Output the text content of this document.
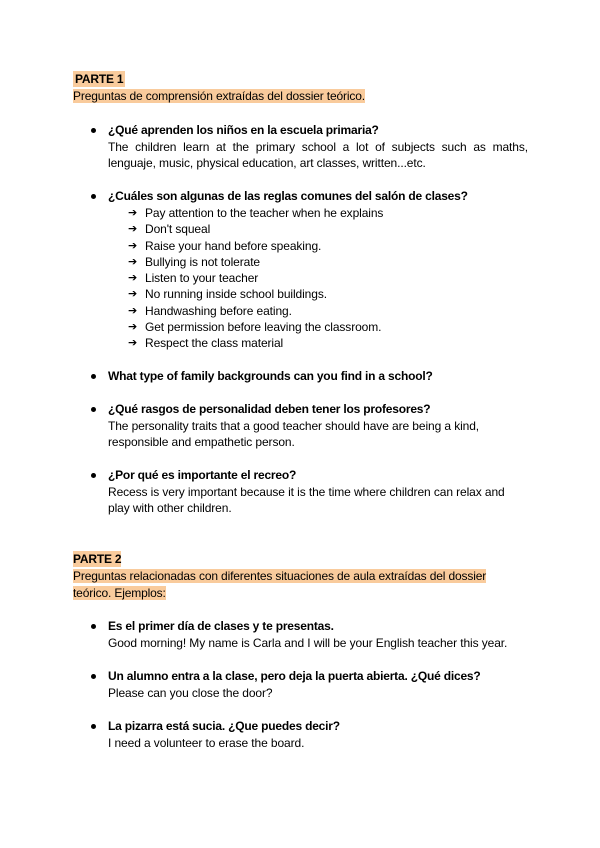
PARTE 1
Preguntas de comprensión extraídas del dossier teórico.
¿Qué aprenden los niños en la escuela primaria?
The children learn at the primary school a lot of subjects such as maths, lenguaje, music, physical education, art classes, written...etc.
¿Cuáles son algunas de las reglas comunes del salón de clases?
➔ Pay attention to the teacher when he explains
➔ Don't squeal
➔ Raise your hand before speaking.
➔ Bullying is not tolerate
➔ Listen to your teacher
➔ No running inside school buildings.
➔ Handwashing before eating.
➔ Get permission before leaving the classroom.
➔ Respect the class material
What type of family backgrounds can you find in a school?
¿Qué rasgos de personalidad deben tener los profesores?
The personality traits that a good teacher should have are being a kind, responsible and empathetic person.
¿Por qué es importante el recreo?
Recess is very important because it is the time where children can relax and play with other children.
PARTE 2
Preguntas relacionadas con diferentes situaciones de aula extraídas del dossier teórico. Ejemplos:
Es el primer día de clases y te presentas.
Good morning! My name is Carla and I will be your English teacher this year.
Un alumno entra a la clase, pero deja la puerta abierta. ¿Qué dices?
Please can you close the door?
La pizarra está sucia. ¿Que puedes decir?
I need a volunteer to erase the board.
